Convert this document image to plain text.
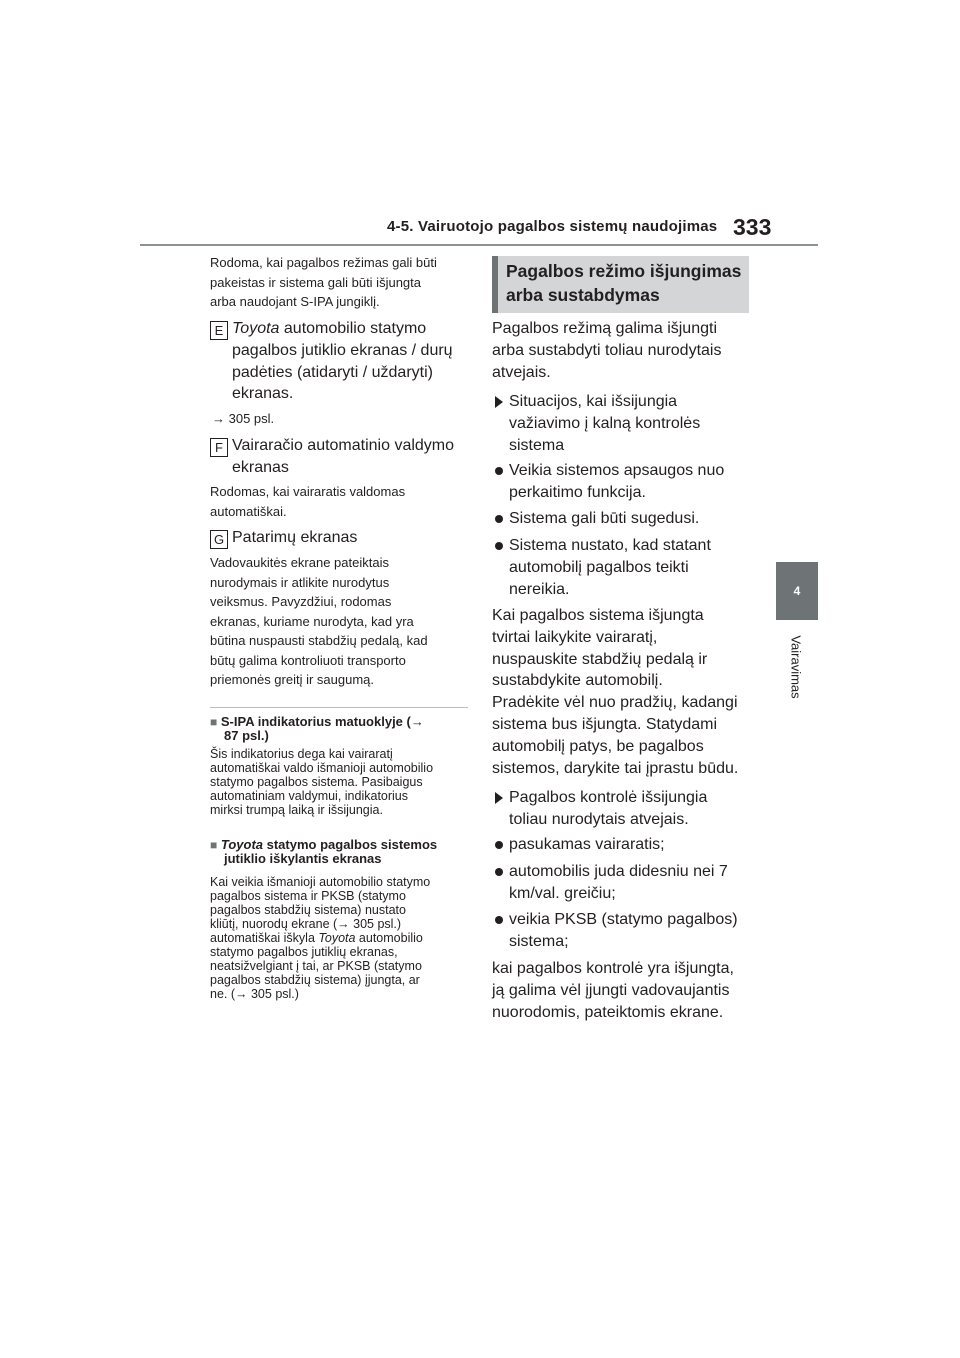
4-5. Vairuotojo pagalbos sistemų naudojimas 333
4
Vairavimas
Rodoma, kai pagalbos režimas gali būti
pakeistas ir sistema gali būti išjungta
arba naudojant S-IPA jungiklį.
E Toyota automobilio statymo
pagalbos jutiklio ekranas / durų
padėties (atidaryti / uždaryti)
ekranas.
→ 305 psl.
F Vairaračio automatinio valdymo
ekranas
Rodomas, kai vairaratis valdomas
automatiškai.
G Patarimų ekranas
Vadovaukitės ekrane pateiktais
nurodymais ir atlikite nurodytus
veiksmus. Pavyzdžiui, rodomas
ekranas, kuriame nurodyta, kad yra
būtina nuspausti stabdžių pedalą, kad
būtų galima kontroliuoti transporto
priemonės greitį ir saugumą.
■ S-IPA indikatorius matuoklyje (→
87 psl.)
Šis indikatorius dega kai vairaratį
automatiškai valdo išmanioji automobilio
statymo pagalbos sistema. Pasibaigus
automatiniam valdymui, indikatorius
mirksi trumpą laiką ir išsijungia.
■ Toyota statymo pagalbos sistemos
jutiklio iškylantis ekranas
Kai veikia išmanioji automobilio statymo
pagalbos sistema ir PKSB (statymo
pagalbos stabdžių sistema) nustato
kliūtį, nuorodų ekrane (→ 305 psl.)
automatiškai iškyla Toyota automobilio
statymo pagalbos jutiklių ekranas,
neatsižvelgiant į tai, ar PKSB (statymo
pagalbos stabdžių sistema) įjungta, ar
ne. (→ 305 psl.)
Pagalbos režimo išjungimas
arba sustabdymas
Pagalbos režimą galima išjungti
arba sustabdyti toliau nurodytais
atvejais.
Situacijos, kai išsijungia
važiavimo į kalną kontrolės
sistema
Veikia sistemos apsaugos nuo
perkaitimo funkcija.
Sistema gali būti sugedusi.
Sistema nustato, kad statant
automobilį pagalbos teikti
nereikia.
Kai pagalbos sistema išjungta
tvirtai laikykite vairaratį,
nuspauskite stabdžių pedalą ir
sustabdykite automobilį.
Pradėkite vėl nuo pradžių, kadangi
sistema bus išjungta. Statydami
automobilį patys, be pagalbos
sistemos, darykite tai įprastu būdu.
Pagalbos kontrolė išsijungia
toliau nurodytais atvejais.
pasukamas vairaratis;
automobilis juda didesniu nei 7
km/val. greičiu;
veikia PKSB (statymo pagalbos)
sistema;
kai pagalbos kontrolė yra išjungta,
ją galima vėl įjungti vadovaujantis
nuorodomis, pateiktomis ekrane.
